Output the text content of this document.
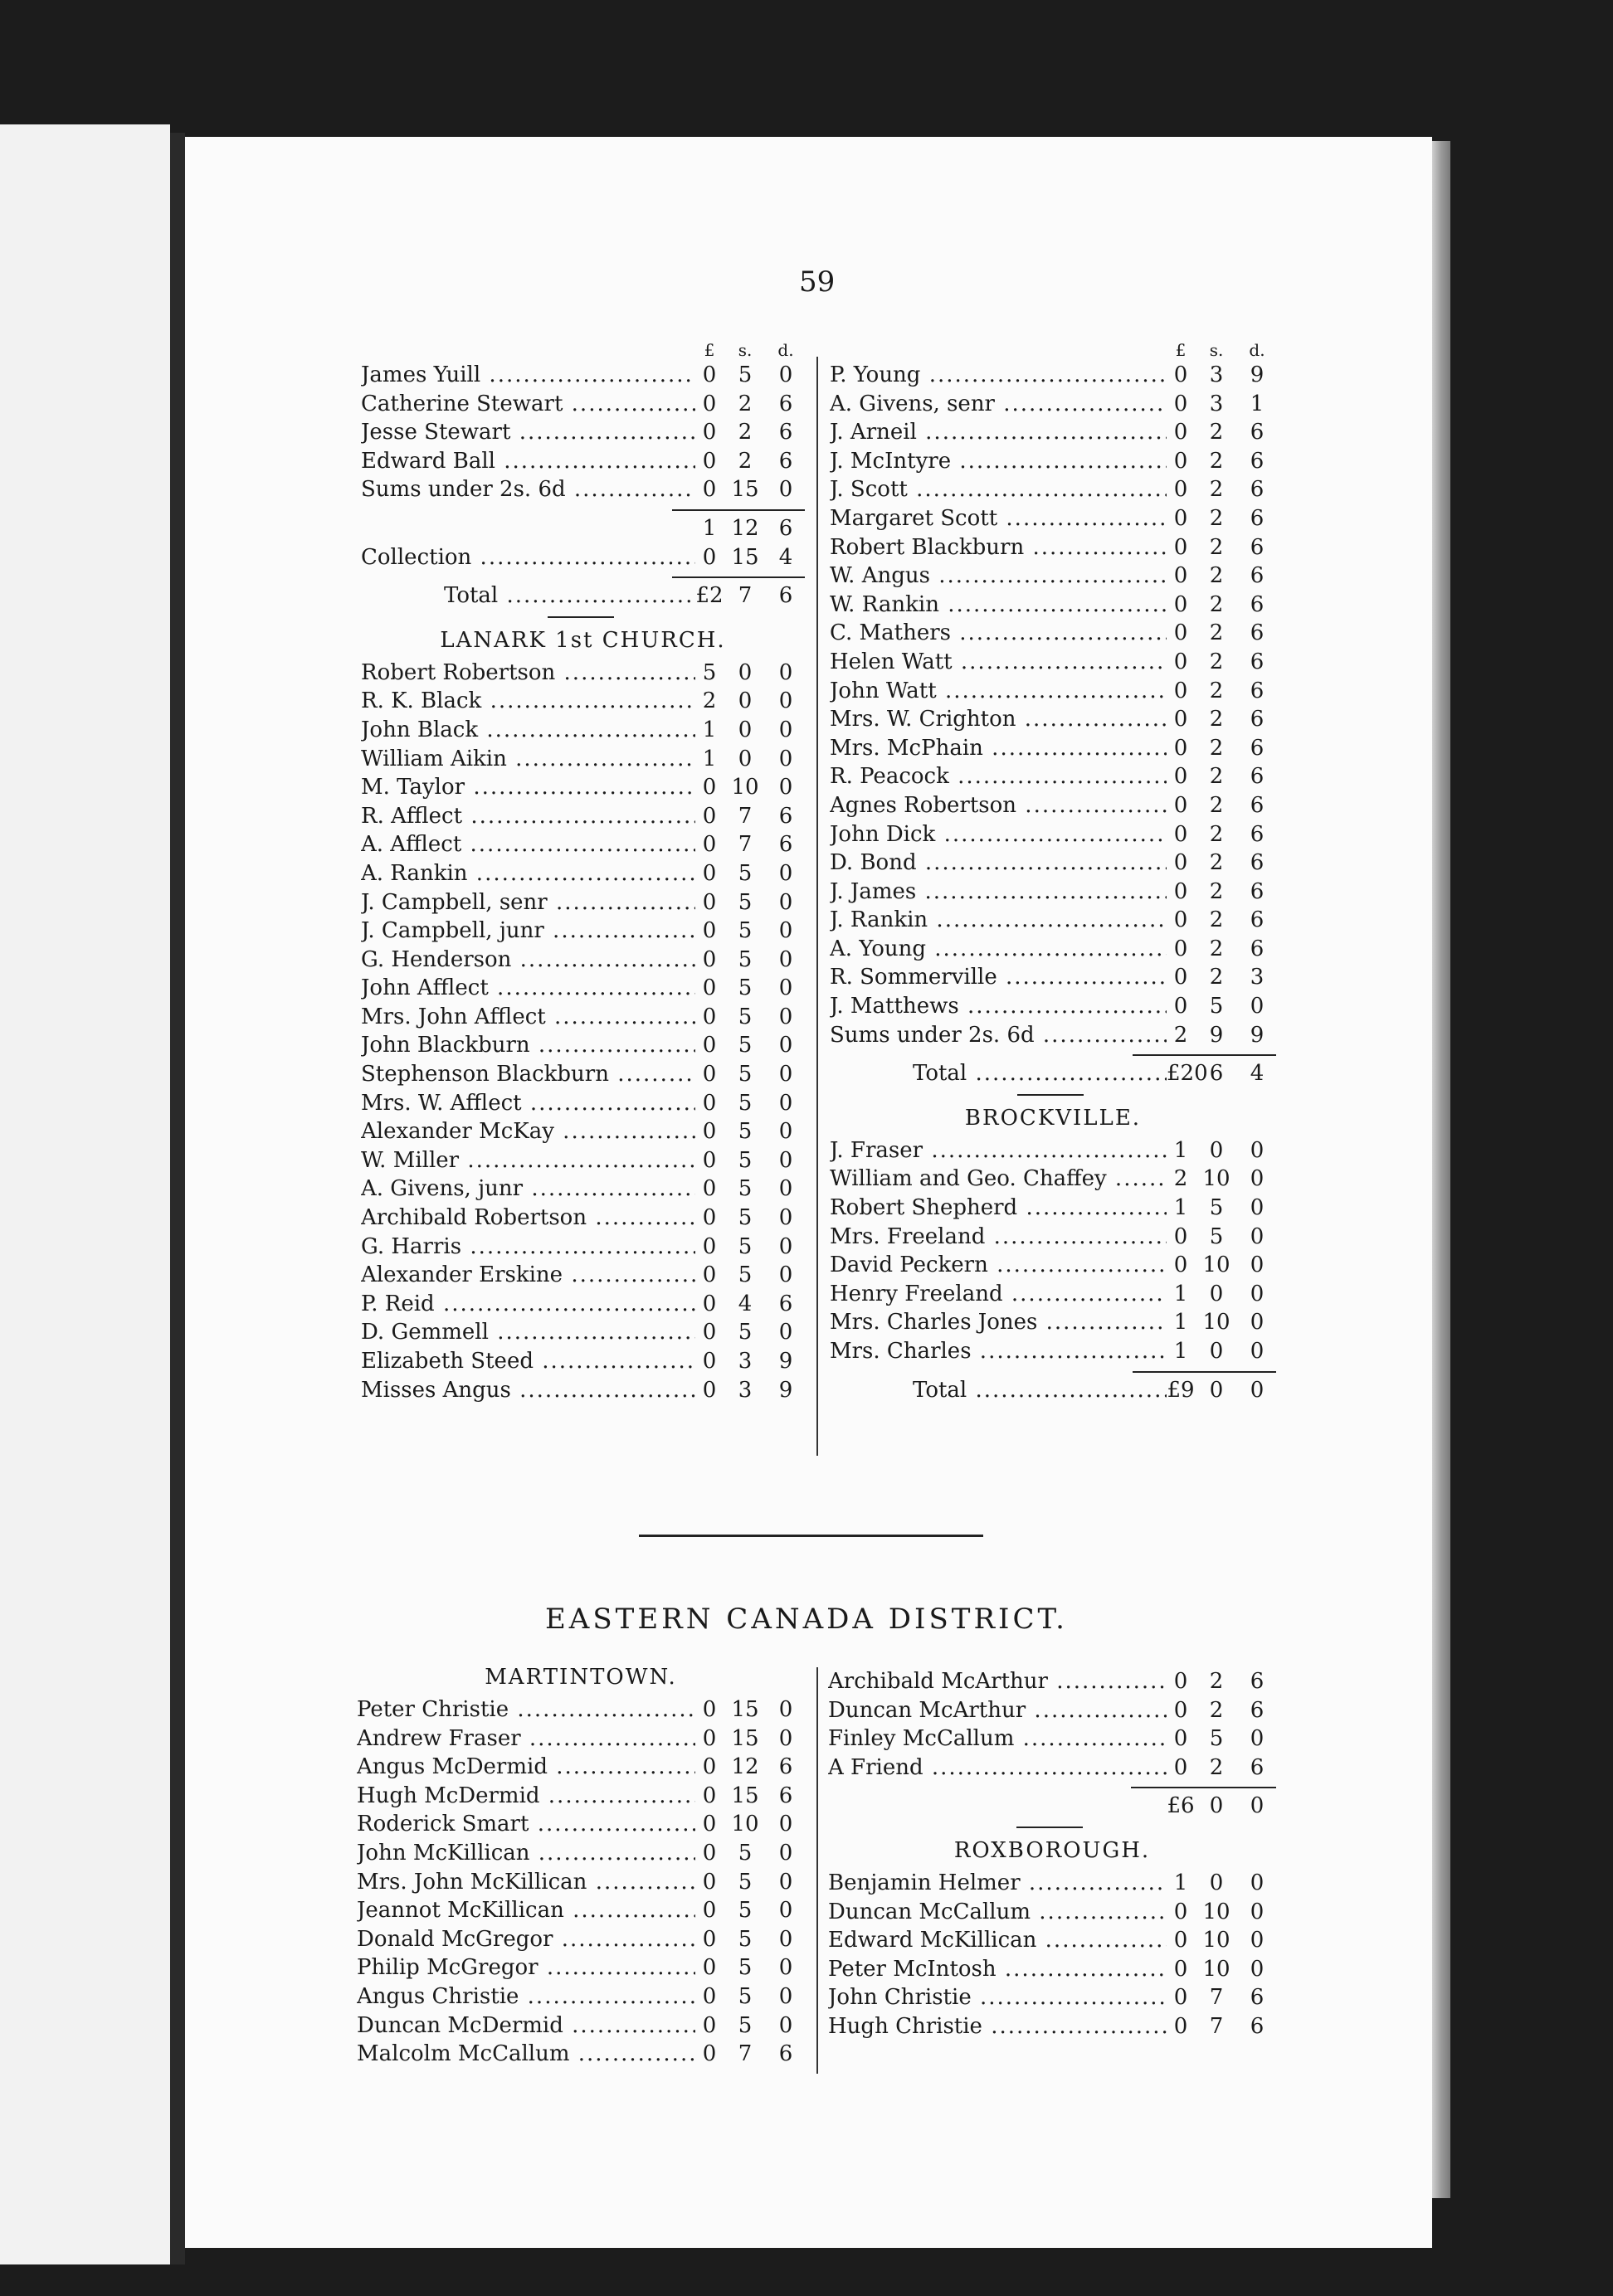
59
£	s.	d.
James Yuill .....	0	5	0
Catherine Stewart .....	0	2	6
Jesse Stewart .....	0	2	6
Edward Ball .....	0	2	6
Sums under 2s. 6d .....	0 15 0
1 12 6
Collection .....	0 15 4
Total .....	£2 7	6
LANARK 1st CHURCH.
Robert Robertson .....	5	0	0
R. K. Black .....	2	0	0
John Black .....	1	0	0
William Aikin .....	1	0	0
M. Taylor .....	0 10 0
R. Afflect .....	0	7	6
A. Afflect .....	0	7	6
A. Rankin .....	0	5	0
J. Campbell, senr .....	0	5	0
J. Campbell, junr .....	0	5	0
G. Henderson .....	0	5	0
John Afflect .....	0	5	0
Mrs. John Afflect .....	0	5	0
John Blackburn .....	0	5	0
Stephenson Blackburn .....	0	5	0
Mrs. W. Afflect .....	0	5	0
Alexander McKay .....	0	5	0
W. Miller .....	0	5	0
A. Givens, junr .....	0	5	0
Archibald Robertson .....	0	5	0
G. Harris .....	0	5	0
Alexander Erskine .....	0	5	0
P. Reid .....	0	4	6
D. Gemmell .....	0	5	0
Elizabeth Steed .....	0	3	9
Misses Angus .....	0	3	9
£	s.	d.
P. Young .....	0	3	9
A. Givens, senr .....	0	3	1
J. Arneil .....	0	2	6
J. McIntyre .....	0	2	6
J. Scott .....	0	2	6
Margaret Scott .....	0	2	6
Robert Blackburn .....	0	2	6
W. Angus .....	0	2	6
W. Rankin .....	0	2	6
C. Mathers .....	0	2	6
Helen Watt .....	0	2	6
John Watt .....	0	2	6
Mrs. W. Crighton .....	0	2	6
Mrs. McPhain .....	0	2	6
R. Peacock .....	0	2	6
Agnes Robertson .....	0	2	6
John Dick .....	0	2	6
D. Bond .....	0	2	6
J. James .....	0	2	6
J. Rankin .....	0	2	6
A. Young .....	0	2	6
R. Sommerville .....	0	2	3
J. Matthews .....	0	5	0
Sums under 2s. 6d .....	2	9	9
Total .....	£20 6	4
BROCKVILLE.
J. Fraser .....	1	0	0
William and Geo. Chaffey .....	2 10 0
Robert Shepherd .....	1	5	0
Mrs. Freeland .....	0	5	0
David Peckern .....	0 10 0
Henry Freeland .....	1	0	0
Mrs. Charles Jones .....	1 10 0
Mrs. Charles .....	1	0	0
Total .....	£9 0	0
EASTERN CANADA DISTRICT.
MARTINTOWN.
Peter Christie .....	0 15 0
Andrew Fraser .....	0 15 0
Angus McDermid .....	0 12 6
Hugh McDermid .....	0 15 6
Roderick Smart .....	0 10 0
John McKillican .....	0	5	0
Mrs. John McKillican .....	0	5	0
Jeannot McKillican .....	0	5	0
Donald McGregor .....	0	5	0
Philip McGregor .....	0	5	0
Angus Christie .....	0	5	0
Duncan McDermid .....	0	5	0
Malcolm McCallum .....	0	7	6
Archibald McArthur .....	0	2	6
Duncan McArthur .....	0	2	6
Finley McCallum .....	0	5	0
A Friend .....	0	2	6
£6 0	0
ROXBOROUGH.
Benjamin Helmer .....	1	0	0
Duncan McCallum .....	0 10 0
Edward McKillican .....	0 10 0
Peter McIntosh .....	0 10 0
John Christie .....	0	7	6
Hugh Christie .....	0	7	6
